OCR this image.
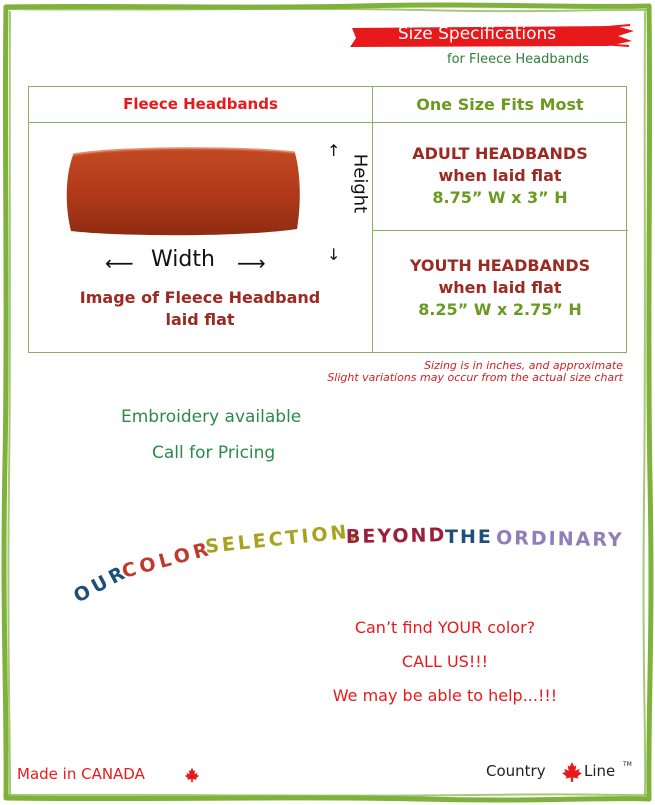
Size Specifications
for Fleece Headbands
Fleece Headbands	One Size Fits Most
⟵ Width ⟶
↑
Height
↓
Image of Fleece Headband
laid flat
ADULT HEADBANDS
when laid flat
8.75” W x 3” H
YOUTH HEADBANDS
when laid flat
8.25” W x 2.75” H
Sizing is in inches, and approximate
Slight variations may occur from the actual size chart
Embroidery available
Call for Pricing
OUR
COLOR
SELECTION,
BEYOND
THE ORDINARY
Can’t find YOUR color?
CALL US!!!
We may be able to help...!!!
Made in CANADA	Country	Line TM
